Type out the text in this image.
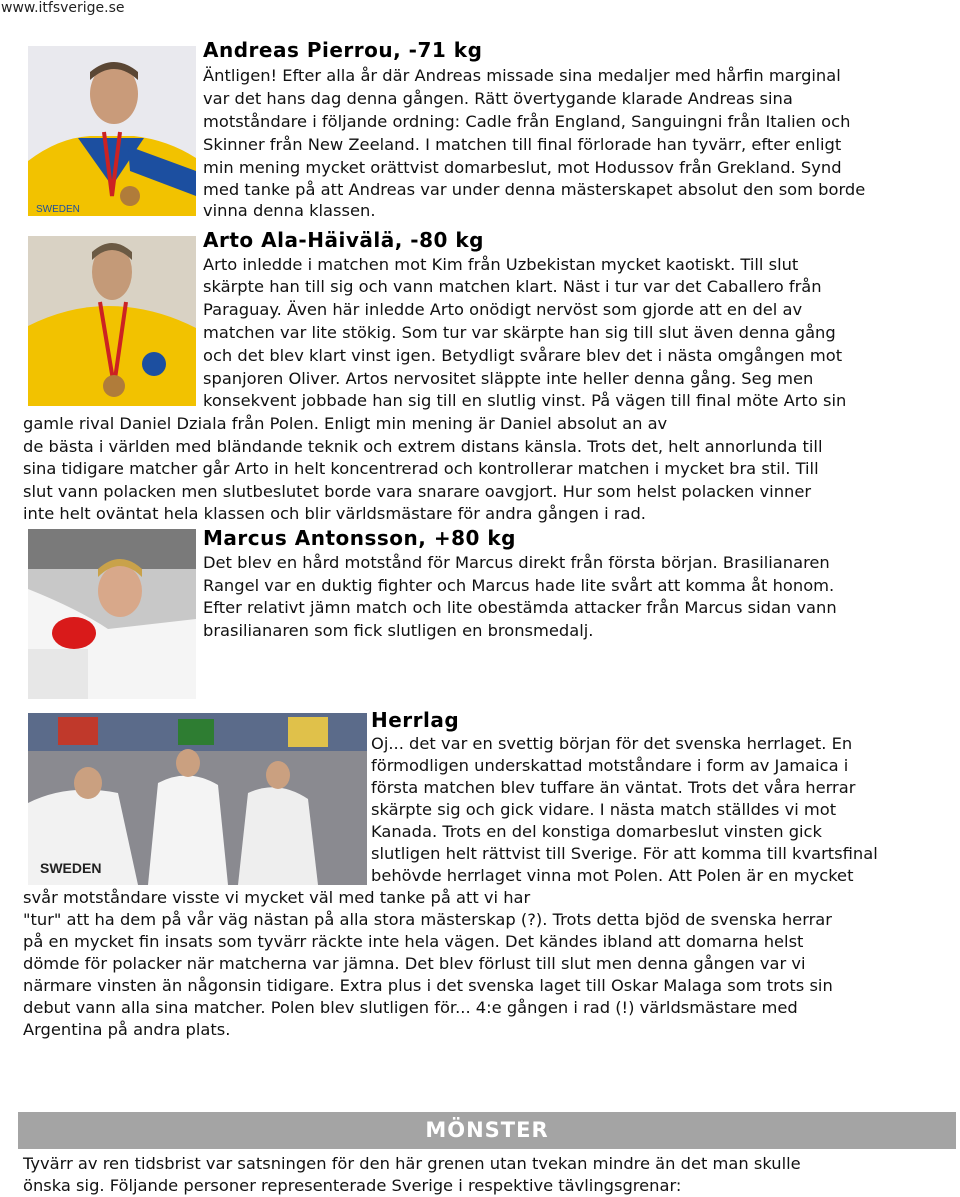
www.itfsverige.se
SWEDEN
Andreas Pierrou, -71 kg
Äntligen! Efter alla år där Andreas missade sina medaljer med hårfin marginal
var det hans dag denna gången. Rätt övertygande klarade Andreas sina
motståndare i följande ordning: Cadle från England, Sanguingni från Italien och
Skinner från New Zeeland. I matchen till final förlorade han tyvärr, efter enligt
min mening mycket orättvist domarbeslut, mot Hodussov från Grekland. Synd
med tanke på att Andreas var under denna mästerskapet absolut den som borde
vinna denna klassen.
Arto Ala-Häivälä, -80 kg
Arto inledde i matchen mot Kim från Uzbekistan mycket kaotiskt. Till slut
skärpte han till sig och vann matchen klart. Näst i tur var det Caballero från
Paraguay. Även här inledde Arto onödigt nervöst som gjorde att en del av
matchen var lite stökig. Som tur var skärpte han sig till slut även denna gång
och det blev klart vinst igen. Betydligt svårare blev det i nästa omgången mot
spanjoren Oliver. Artos nervositet släppte inte heller denna gång. Seg men
konsekvent jobbade han sig till en slutlig vinst. På vägen till final möte Arto sin
gamle rival Daniel Dziala från Polen. Enligt min mening är Daniel absolut an av
de bästa i världen med bländande teknik och extrem distans känsla. Trots det, helt annorlunda till
sina tidigare matcher går Arto in helt koncentrerad och kontrollerar matchen i mycket bra stil. Till
slut vann polacken men slutbeslutet borde vara snarare oavgjort. Hur som helst polacken vinner
inte helt oväntat hela klassen och blir världsmästare för andra gången i rad.
Marcus Antonsson, +80 kg
Det blev en hård motstånd för Marcus direkt från första början. Brasilianaren
Rangel var en duktig fighter och Marcus hade lite svårt att komma åt honom.
Efter relativt jämn match och lite obestämda attacker från Marcus sidan vann
brasilianaren som fick slutligen en bronsmedalj.
SWEDEN
Herrlag
Oj... det var en svettig början för det svenska herrlaget. En
förmodligen underskattad motståndare i form av Jamaica i
första matchen blev tuffare än väntat. Trots det våra herrar
skärpte sig och gick vidare. I nästa match ställdes vi mot
Kanada. Trots en del konstiga domarbeslut vinsten gick
slutligen helt rättvist till Sverige. För att komma till kvartsfinal
behövde herrlaget vinna mot Polen. Att Polen är en mycket
svår motståndare visste vi mycket väl med tanke på att vi har
"tur" att ha dem på vår väg nästan på alla stora mästerskap (?). Trots detta bjöd de svenska herrar
på en mycket fin insats som tyvärr räckte inte hela vägen. Det kändes ibland att domarna helst
dömde för polacker när matcherna var jämna. Det blev förlust till slut men denna gången var vi
närmare vinsten än någonsin tidigare. Extra plus i det svenska laget till Oskar Malaga som trots sin
debut vann alla sina matcher. Polen blev slutligen för... 4:e gången i rad (!) världsmästare med
Argentina på andra plats.
MÖNSTER
Tyvärr av ren tidsbrist var satsningen för den här grenen utan tvekan mindre än det man skulle
önska sig. Följande personer representerade Sverige i respektive tävlingsgrenar:
